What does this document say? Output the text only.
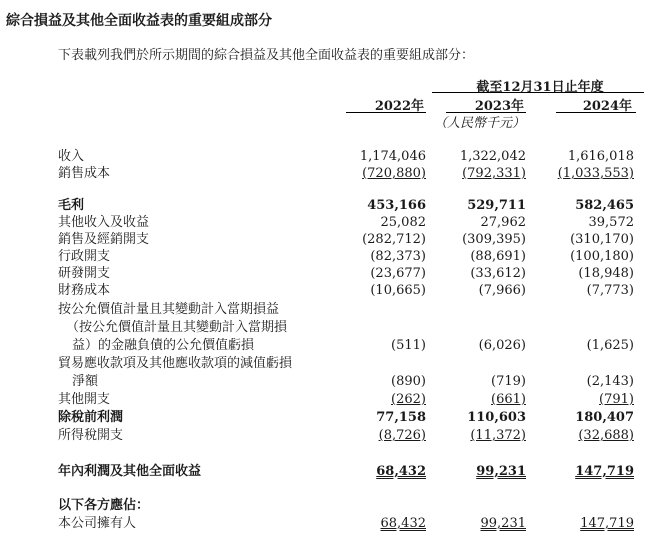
綜合損益及其他全面收益表的重要組成部分
下表載列我們於所示期間的綜合損益及其他全面收益表的重要組成部分：
截至12月31日止年度
2022年	2023年	2024年
（人民幣千元）
收入	1,174,046	1,322,042	1,616,018
銷售成本	(720,880)	(792,331)	(1,033,553)
毛利	453,166	529,711	582,465
其他收入及收益	25,082	27,962	39,572
銷售及經銷開支	(282,712)	(309,395)	(310,170)
行政開支	(82,373)	(88,691)	(100,180)
研發開支	(23,677)	(33,612)	(18,948)
財務成本	(10,665)	(7,966)	(7,773)
按公允價值計量且其變動計入當期損益
（按公允價值計量且其變動計入當期損
益）的金融負債的公允價值虧損	(511)	(6,026)	(1,625)
貿易應收款項及其他應收款項的減值虧損
淨額	(890)	(719)	(2,143)
其他開支	(262)	(661)	(791)
除稅前利潤	77,158	110,603	180,407
所得稅開支	(8,726)	(11,372)	(32,688)
年內利潤及其他全面收益	68,432	99,231	147,719
以下各方應佔：
本公司擁有人	68,432	99,231	147,719
